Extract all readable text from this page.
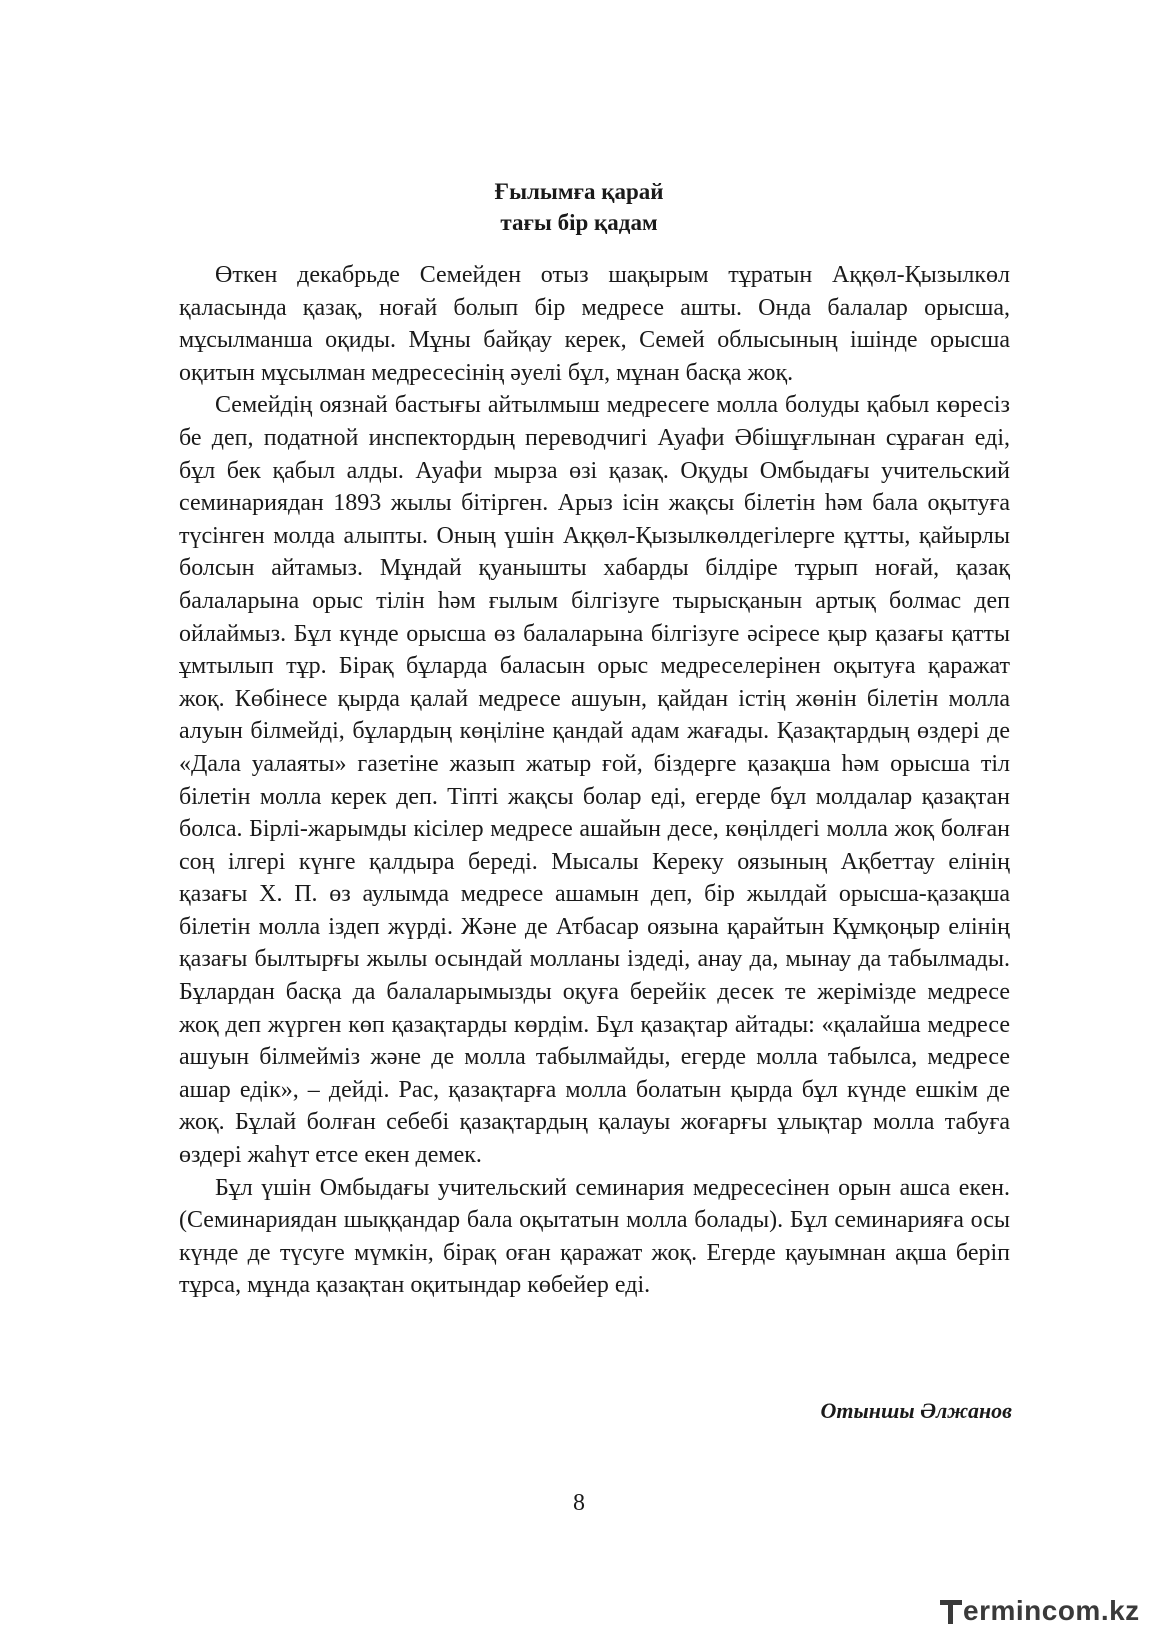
Ғылымға қарай
тағы бір қадам

Өткен декабрьде Семейден отыз шақырым тұратын Аққөл-Қызылкөл қаласында қазақ, ноғай болып бір медресе ашты. Онда балалар орысша, мұсылманша оқиды. Мұны байқау керек, Семей облысының ішінде орысша оқитын мұсылман медресесінің әуелі бұл, мұнан басқа жоқ.

Семейдің оязнай бастығы айтылмыш медресеге молла болуды қабыл көресіз бе деп, податной инспектордың переводчигі Ауафи Әбішұғлынан сұраған еді, бұл бек қабыл алды. Ауафи мырза өзі қазақ. Оқуды Омбыдағы учительский семинариядан 1893 жылы бітірген. Арыз ісін жақсы білетін һәм бала оқытуға түсінген молда алыпты. Оның үшін Аққөл-Қызылкөлдегілерге құтты, қайырлы болсын айтамыз. Мұндай қуанышты хабарды білдіре тұрып ноғай, қазақ балаларына орыс тілін һәм ғылым білгізуге тырысқанын артық болмас деп ойлаймыз. Бұл күнде орысша өз балаларына білгізуге әсіресе қыр қазағы қатты ұмтылып тұр. Бірақ бұларда баласын орыс медреселерінен оқытуға қаражат жоқ. Көбінесе қырда қалай медресе ашуын, қайдан істің жөнін білетін молла алуын білмейді, бұлардың көңіліне қандай адам жағады. Қазақтардың өздері де «Дала уалаяты» газетіне жазып жатыр ғой, біздерге қазақша һәм орысша тіл білетін молла керек деп. Тіпті жақсы болар еді, егерде бұл молдалар қазақтан болса. Бірлі-жарымды кісілер медресе ашайын десе, көңілдегі молла жоқ болған соң ілгері күнге қалдыра береді. Мысалы Кереку оязының Ақбеттау елінің қазағы Х. П. өз аулымда медресе ашамын деп, бір жылдай орысша-қазақша білетін молла іздеп жүрді. Және де Атбасар оязына қарайтын Құмқоңыр елінің қазағы былтырғы жылы осындай молланы іздеді, анау да, мынау да табылмады. Бұлардан басқа да балаларымызды оқуға берейік десек те жерімізде медресе жоқ деп жүрген көп қазақтарды көрдім. Бұл қазақтар айтады: «қалайша медресе ашуын білмейміз және де молла табылмайды, егерде молла табылса, медресе ашар едік», – дейді. Рас, қазақтарға молла болатын қырда бұл күнде ешкім де жоқ. Бұлай болған себебі қазақтардың қалауы жоғарғы ұлықтар молла табуға өздері жаһүт етсе екен демек.

Бұл үшін Омбыдағы учительский семинария медресесінен орын ашса екен. (Семинариядан шыққандар бала оқытатын молла болады). Бұл семинарияға осы күнде де түсуге мүмкін, бірақ оған қаражат жоқ. Егерде қауымнан ақша беріп тұрса, мұнда қазақтан оқитындар көбейер еді.

Отыншы Әлжанов

8

ermincom.kz
